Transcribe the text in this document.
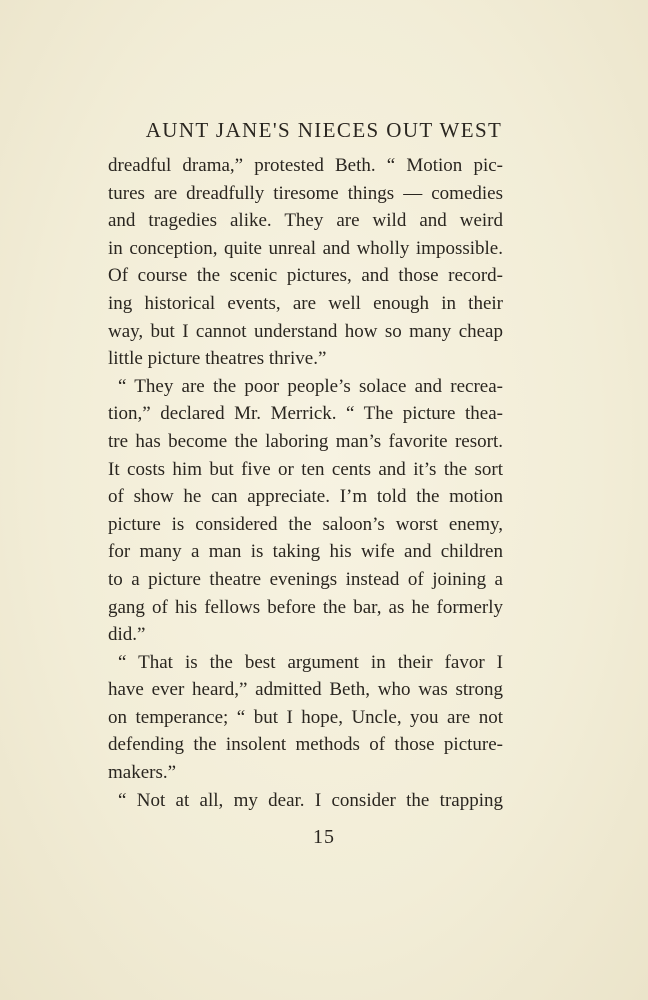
AUNT JANE'S NIECES OUT WEST
dreadful drama,” protested Beth. “ Motion pic-
tures are dreadfully tiresome things — comedies
and tragedies alike. They are wild and weird
in conception, quite unreal and wholly impossible.
Of course the scenic pictures, and those record-
ing historical events, are well enough in their
way, but I cannot understand how so many cheap
little picture theatres thrive.”
“ They are the poor people’s solace and recrea-
tion,” declared Mr. Merrick. “ The picture thea-
tre has become the laboring man’s favorite resort.
It costs him but five or ten cents and it’s the sort
of show he can appreciate. I’m told the motion
picture is considered the saloon’s worst enemy,
for many a man is taking his wife and children
to a picture theatre evenings instead of joining a
gang of his fellows before the bar, as he formerly
did.”
“ That is the best argument in their favor I
have ever heard,” admitted Beth, who was strong
on temperance; “ but I hope, Uncle, you are not
defending the insolent methods of those picture-
makers.”
“ Not at all, my dear. I consider the trapping
15
